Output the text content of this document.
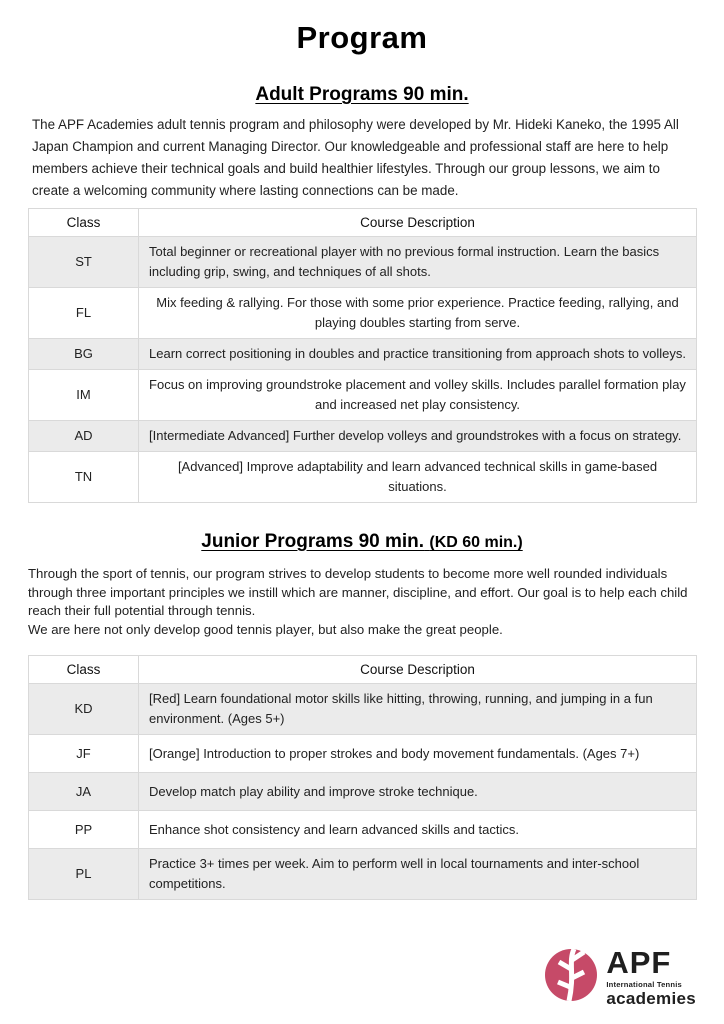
Program
Adult Programs 90 min.

The APF Academies adult tennis program and philosophy were developed by Mr. Hideki Kaneko, the 1995 All Japan Champion and current Managing Director. Our knowledgeable and professional staff are here to help members achieve their technical goals and build healthier lifestyles. Through our group lessons, we aim to create a welcoming community where lasting connections can be made.

Class	Course Description
ST	Total beginner or recreational player with no previous formal instruction. Learn the basics including grip, swing, and techniques of all shots.
FL	Mix feeding & rallying. For those with some prior experience. Practice feeding, rallying, and playing doubles starting from serve.
BG	Learn correct positioning in doubles and practice transitioning from approach shots to volleys.
IM	Focus on improving groundstroke placement and volley skills. Includes parallel formation play and increased net play consistency.
AD	[Intermediate Advanced] Further develop volleys and groundstrokes with a focus on strategy.
TN	[Advanced] Improve adaptability and learn advanced technical skills in game-based situations.
Junior Programs 90 min. (KD 60 min.)

Through the sport of tennis, our program strives to develop students to become more well rounded individuals through three important principles we instill which are manner, discipline, and effort. Our goal is to help each child reach their full potential through tennis.
We are here not only develop good tennis player, but also make the great people.

Class	Course Description
KD	[Red] Learn foundational motor skills like hitting, throwing, running, and jumping in a fun environment. (Ages 5+)
JF	[Orange] Introduction to proper strokes and body movement fundamentals. (Ages 7+)
JA	Develop match play ability and improve stroke technique.
PP	Enhance shot consistency and learn advanced skills and tactics.
PL	Practice 3+ times per week. Aim to perform well in local tournaments and inter-school competitions.
APF
International Tennis
academies
